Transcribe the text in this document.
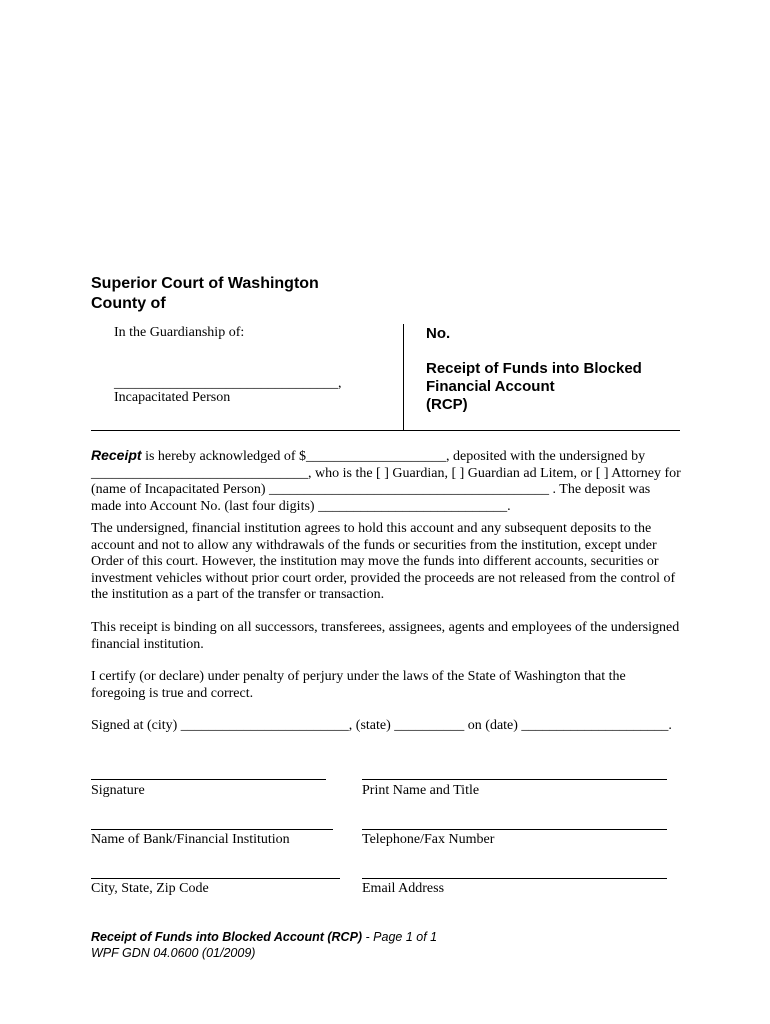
Superior Court of Washington
County of
In the Guardianship of:
________________________________,
Incapacitated Person
No.
Receipt of Funds into Blocked
Financial Account
(RCP)

Receipt is hereby acknowledged of $____________________, deposited with the undersigned by _______________________________, who is the [ ] Guardian, [ ] Guardian ad Litem, or [ ] Attorney for (name of Incapacitated Person) ________________________________________ . The deposit was made into Account No. (last four digits) ___________________________.

The undersigned, financial institution agrees to hold this account and any subsequent deposits to the account and not to allow any withdrawals of the funds or securities from the institution, except under Order of this court. However, the institution may move the funds into different accounts, securities or investment vehicles without prior court order, provided the proceeds are not released from the control of the institution as a part of the transfer or transaction.

This receipt is binding on all successors, transferees, assignees, agents and employees of the undersigned financial institution.

I certify (or declare) under penalty of perjury under the laws of the State of Washington that the foregoing is true and correct.

Signed at (city) ________________________, (state) __________ on (date) _____________________.

Signature	Print Name and Title
Name of Bank/Financial Institution	Telephone/Fax Number
City, State, Zip Code	Email Address
Receipt of Funds into Blocked Account (RCP) - Page 1 of 1
WPF GDN 04.0600 (01/2009)
